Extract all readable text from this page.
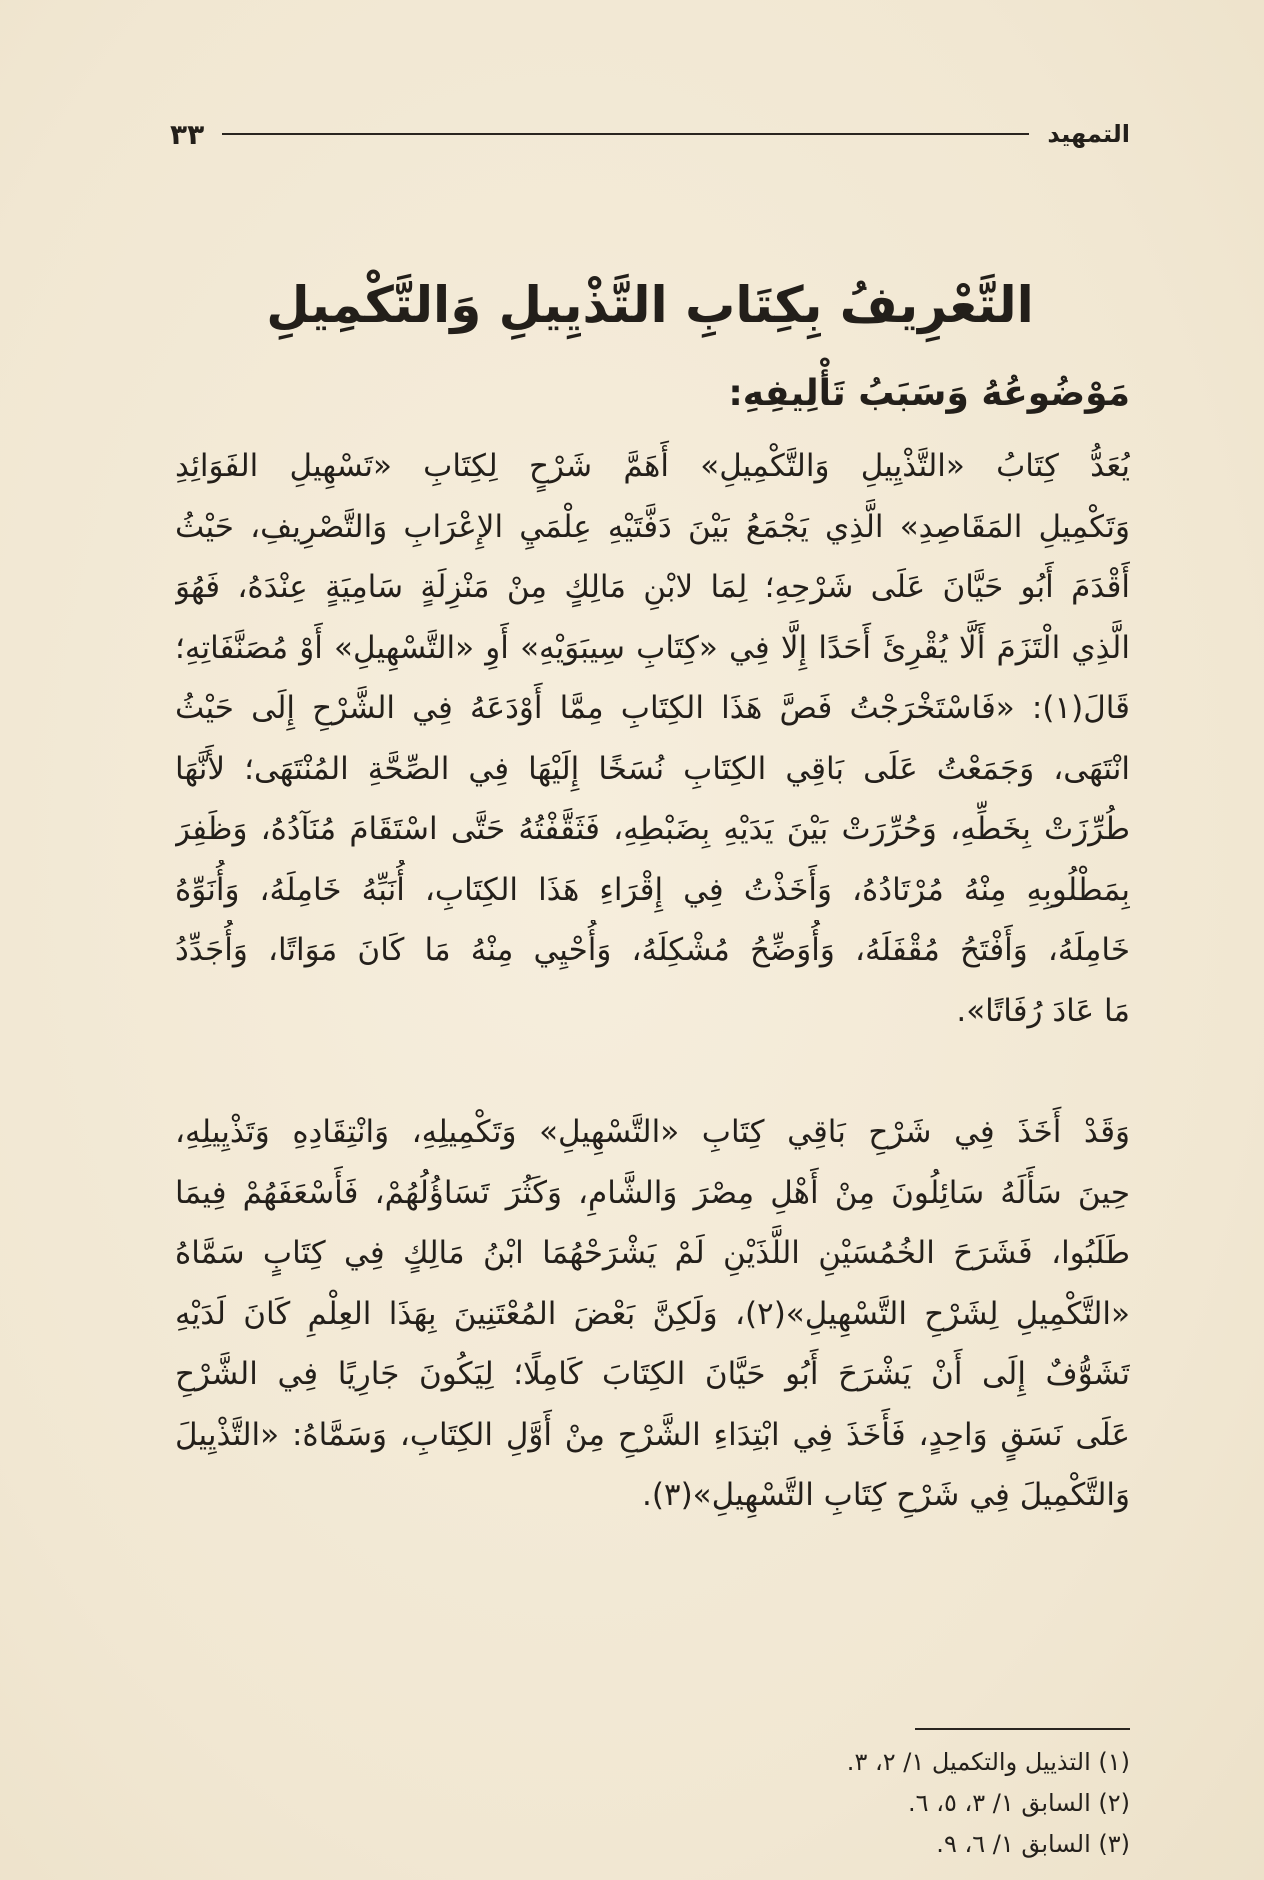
التمهيد
٣٣
التَّعْرِيفُ بِكِتَابِ التَّذْيِيلِ وَالتَّكْمِيلِ
مَوْضُوعُهُ وَسَبَبُ تَأْلِيفِهِ:
يُعَدُّ كِتَابُ «التَّذْيِيلِ وَالتَّكْمِيلِ» أَهَمَّ شَرْحٍ لِكِتَابِ «تَسْهِيلِ الفَوَائِدِ
وَتَكْمِيلِ المَقَاصِدِ» الَّذِي يَجْمَعُ بَيْنَ دَفَّتَيْهِ عِلْمَيِ الإِعْرَابِ وَالتَّصْرِيفِ، حَيْثُ
أَقْدَمَ أَبُو حَيَّانَ عَلَى شَرْحِهِ؛ لِمَا لابْنِ مَالِكٍ مِنْ مَنْزِلَةٍ سَامِيَةٍ عِنْدَهُ، فَهُوَ
الَّذِي الْتَزَمَ أَلَّا يُقْرِئَ أَحَدًا إِلَّا فِي «كِتَابِ سِيبَوَيْهِ» أَوِ «التَّسْهِيلِ» أَوْ مُصَنَّفَاتِهِ؛
قَالَ(١): «فَاسْتَخْرَجْتُ فَصَّ هَذَا الكِتَابِ مِمَّا أَوْدَعَهُ فِي الشَّرْحِ إِلَى حَيْثُ
انْتَهَى، وَجَمَعْتُ عَلَى بَاقِي الكِتَابِ نُسَخًا إِلَيْهَا فِي الصِّحَّةِ المُنْتَهَى؛ لأَنَّهَا
طُرِّزَتْ بِخَطِّهِ، وَحُرِّرَتْ بَيْنَ يَدَيْهِ بِضَبْطِهِ، فَثَقَّفْتُهُ حَتَّى اسْتَقَامَ مُنَآدُهُ، وَظَفِرَ
بِمَطْلُوبِهِ مِنْهُ مُرْتَادُهُ، وَأَخَذْتُ فِي إِقْرَاءِ هَذَا الكِتَابِ، أُنَبِّهُ خَامِلَهُ، وَأُنَوِّهُ
خَامِلَهُ، وَأَفْتَحُ مُقْفَلَهُ، وَأُوَضِّحُ مُشْكِلَهُ، وَأُحْيِي مِنْهُ مَا كَانَ مَوَاتًا، وَأُجَدِّدُ
مَا عَادَ رُفَاتًا».
وَقَدْ أَخَذَ فِي شَرْحِ بَاقِي كِتَابِ «التَّسْهِيلِ» وَتَكْمِيلِهِ، وَانْتِقَادِهِ وَتَذْيِيلِهِ،
حِينَ سَأَلَهُ سَائِلُونَ مِنْ أَهْلِ مِصْرَ وَالشَّامِ، وَكَثُرَ تَسَاؤُلُهُمْ، فَأَسْعَفَهُمْ فِيمَا
طَلَبُوا، فَشَرَحَ الخُمُسَيْنِ اللَّذَيْنِ لَمْ يَشْرَحْهُمَا ابْنُ مَالِكٍ فِي كِتَابٍ سَمَّاهُ
«التَّكْمِيلِ لِشَرْحِ التَّسْهِيلِ»(٢)، وَلَكِنَّ بَعْضَ المُعْتَنِينَ بِهَذَا العِلْمِ كَانَ لَدَيْهِ
تَشَوُّفٌ إِلَى أَنْ يَشْرَحَ أَبُو حَيَّانَ الكِتَابَ كَامِلًا؛ لِيَكُونَ جَارِيًا فِي الشَّرْحِ
عَلَى نَسَقٍ وَاحِدٍ، فَأَخَذَ فِي ابْتِدَاءِ الشَّرْحِ مِنْ أَوَّلِ الكِتَابِ، وَسَمَّاهُ: «التَّذْيِيلَ
وَالتَّكْمِيلَ فِي شَرْحِ كِتَابِ التَّسْهِيلِ»(٣).
(١) التذييل والتكميل ١/ ٢، ٣.
(٢) السابق ١/ ٣، ٥، ٦.
(٣) السابق ١/ ٦، ٩.
